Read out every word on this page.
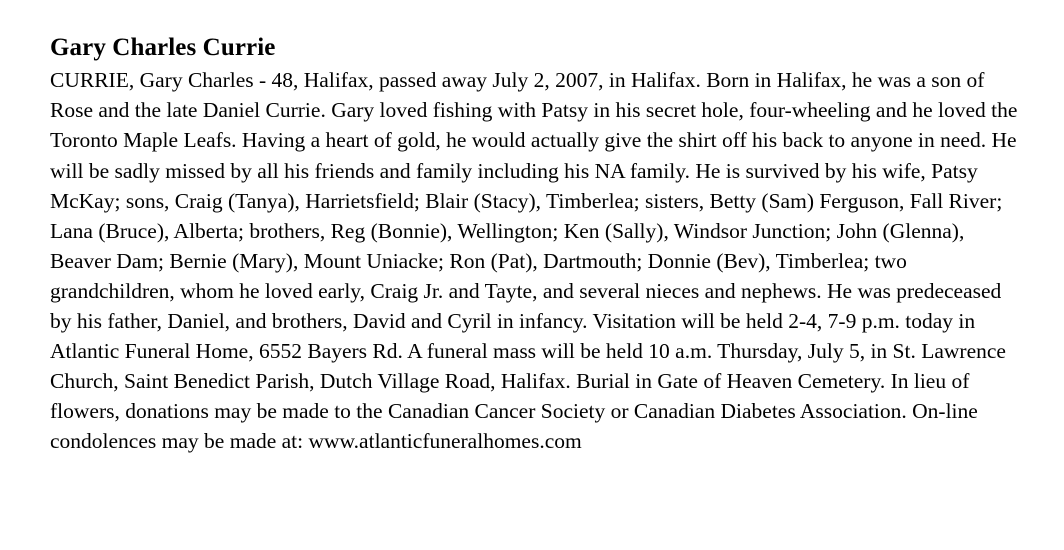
Gary Charles Currie

CURRIE, Gary Charles - 48, Halifax, passed away July 2, 2007, in Halifax. Born in Halifax, he was a son of Rose and the late Daniel Currie. Gary loved fishing with Patsy in his secret hole, four-wheeling and he loved the Toronto Maple Leafs. Having a heart of gold, he would actually give the shirt off his back to anyone in need. He will be sadly missed by all his friends and family including his NA family. He is survived by his wife, Patsy McKay; sons, Craig (Tanya), Harrietsfield; Blair (Stacy), Timberlea; sisters, Betty (Sam) Ferguson, Fall River; Lana (Bruce), Alberta; brothers, Reg (Bonnie), Wellington; Ken (Sally), Windsor Junction; John (Glenna), Beaver Dam; Bernie (Mary), Mount Uniacke; Ron (Pat), Dartmouth; Donnie (Bev), Timberlea; two grandchildren, whom he loved early, Craig Jr. and Tayte, and several nieces and nephews. He was predeceased by his father, Daniel, and brothers, David and Cyril in infancy. Visitation will be held 2-4, 7-9 p.m. today in Atlantic Funeral Home, 6552 Bayers Rd. A funeral mass will be held 10 a.m. Thursday, July 5, in St. Lawrence Church, Saint Benedict Parish, Dutch Village Road, Halifax. Burial in Gate of Heaven Cemetery. In lieu of flowers, donations may be made to the Canadian Cancer Society or Canadian Diabetes Association. On-line condolences may be made at: www.atlanticfuneralhomes.com
